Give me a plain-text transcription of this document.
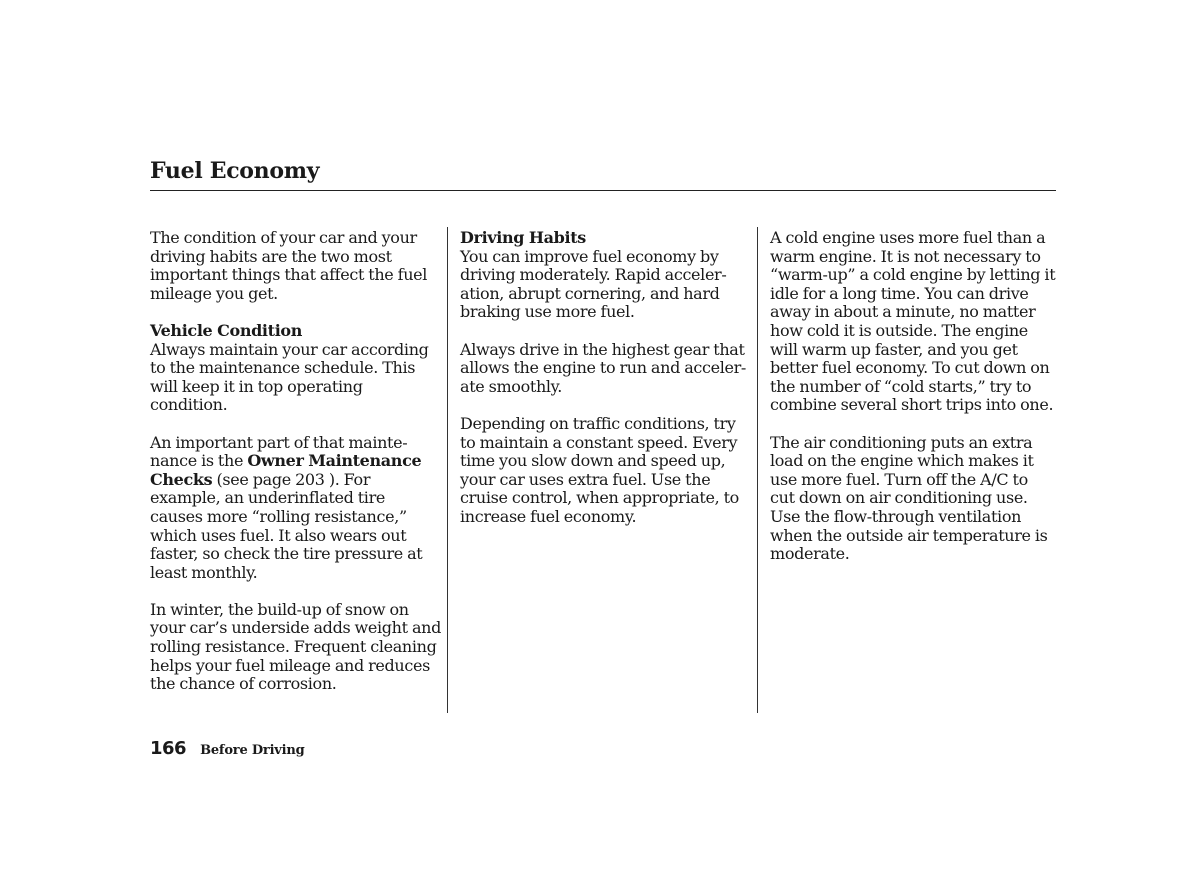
Fuel Economy

The condition of your car and your
driving habits are the two most
important things that affect the fuel
mileage you get.

Vehicle Condition

Always maintain your car according
to the maintenance schedule. This
will keep it in top operating condition.

An important part of that mainte-
nance is the Owner Maintenance
Checks (see page 203 ). For
example, an underinflated tire
causes more “rolling resistance,”
which uses fuel. It also wears out
faster, so check the tire pressure at
least monthly.

In winter, the build-up of snow on
your car’s underside adds weight and
rolling resistance. Frequent cleaning
helps your fuel mileage and reduces
the chance of corrosion.

Driving Habits

You can improve fuel economy by
driving moderately. Rapid acceler-
ation, abrupt cornering, and hard
braking use more fuel.

Always drive in the highest gear that
allows the engine to run and acceler-
ate smoothly.

Depending on traffic conditions, try
to maintain a constant speed. Every
time you slow down and speed up,
your car uses extra fuel. Use the
cruise control, when appropriate, to
increase fuel economy.

A cold engine uses more fuel than a
warm engine. It is not necessary to
“warm-up” a cold engine by letting it
idle for a long time. You can drive
away in about a minute, no matter
how cold it is outside. The engine
will warm up faster, and you get
better fuel economy. To cut down on
the number of “cold starts,” try to
combine several short trips into one.

The air conditioning puts an extra
load on the engine which makes it
use more fuel. Turn off the A/C to
cut down on air conditioning use.
Use the flow-through ventilation
when the outside air temperature is
moderate.

166 Before Driving
